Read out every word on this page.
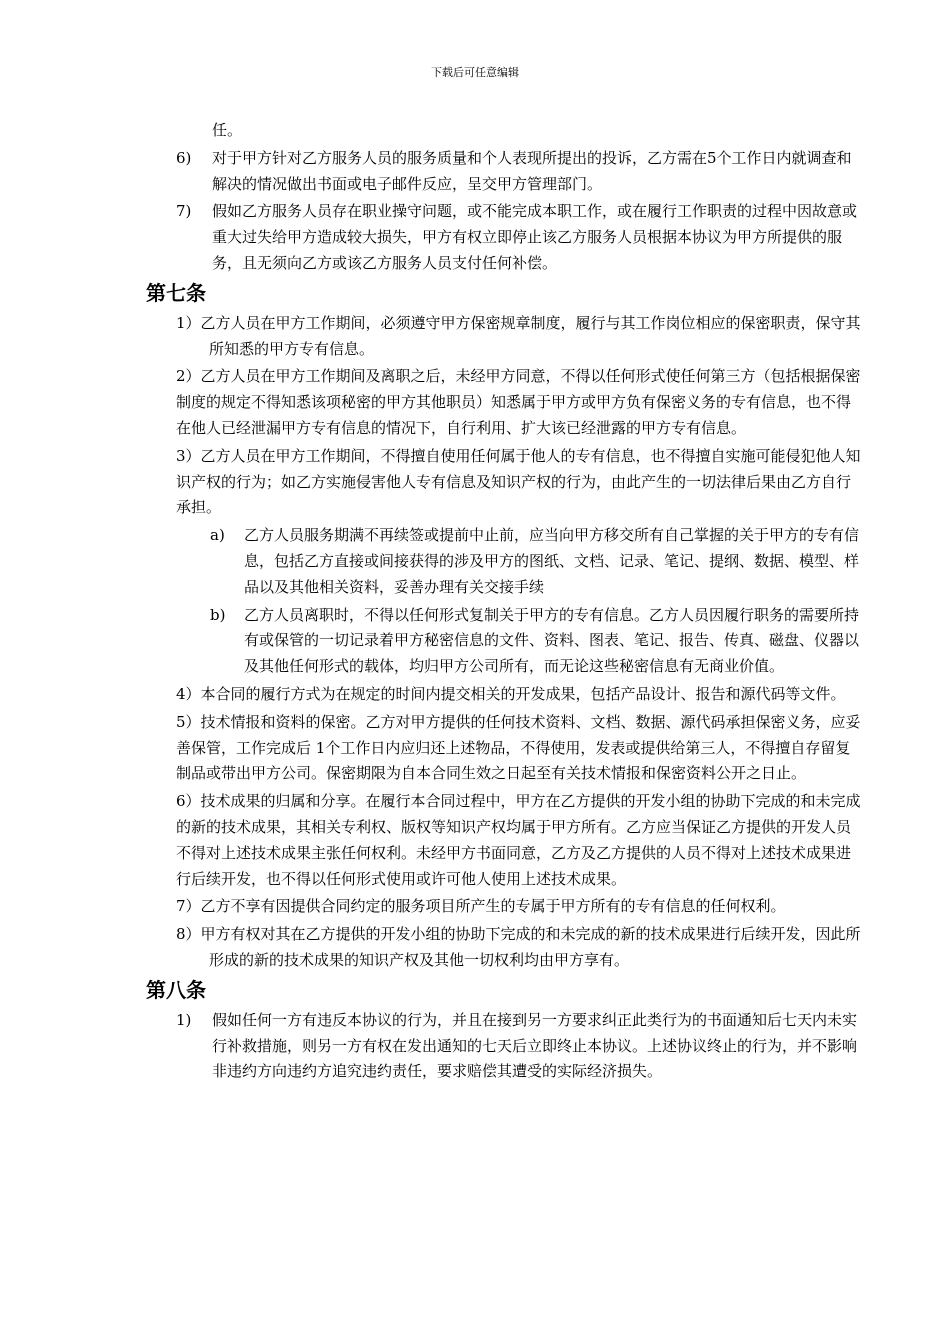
下载后可任意编辑

任。

6) 对于甲方针对乙方服务人员的服务质量和个人表现所提出的投诉，乙方需在5个工作日内就调查和解决的情况做出书面或电子邮件反应，呈交甲方管理部门。
7) 假如乙方服务人员存在职业操守问题，或不能完成本职工作，或在履行工作职责的过程中因故意或重大过失给甲方造成较大损失，甲方有权立即停止该乙方服务人员根据本协议为甲方所提供的服务，且无须向乙方或该乙方服务人员支付任何补偿。
第七条

1）乙方人员在甲方工作期间，必须遵守甲方保密规章制度，履行与其工作岗位相应的保密职责，保守其所知悉的甲方专有信息。

2）乙方人员在甲方工作期间及离职之后，未经甲方同意，不得以任何形式使任何第三方（包括根据保密制度的规定不得知悉该项秘密的甲方其他职员）知悉属于甲方或甲方负有保密义务的专有信息，也不得在他人已经泄漏甲方专有信息的情况下，自行利用、扩大该已经泄露的甲方专有信息。

3）乙方人员在甲方工作期间，不得擅自使用任何属于他人的专有信息，也不得擅自实施可能侵犯他人知识产权的行为；如乙方实施侵害他人专有信息及知识产权的行为，由此产生的一切法律后果由乙方自行承担。

a) 乙方人员服务期满不再续签或提前中止前，应当向甲方移交所有自己掌握的关于甲方的专有信息，包括乙方直接或间接获得的涉及甲方的图纸、文档、记录、笔记、提纲、数据、模型、样品以及其他相关资料，妥善办理有关交接手续
b) 乙方人员离职时，不得以任何形式复制关于甲方的专有信息。乙方人员因履行职务的需要所持有或保管的一切记录着甲方秘密信息的文件、资料、图表、笔记、报告、传真、磁盘、仪器以及其他任何形式的载体，均归甲方公司所有，而无论这些秘密信息有无商业价值。

4）本合同的履行方式为在规定的时间内提交相关的开发成果，包括产品设计、报告和源代码等文件。

5）技术情报和资料的保密。乙方对甲方提供的任何技术资料、文档、数据、源代码承担保密义务，应妥善保管，工作完成后 1个工作日内应归还上述物品，不得使用，发表或提供给第三人，不得擅自存留复制品或带出甲方公司。保密期限为自本合同生效之日起至有关技术情报和保密资料公开之日止。

6）技术成果的归属和分享。在履行本合同过程中，甲方在乙方提供的开发小组的协助下完成的和未完成的新的技术成果，其相关专利权、版权等知识产权均属于甲方所有。乙方应当保证乙方提供的开发人员不得对上述技术成果主张任何权利。未经甲方书面同意，乙方及乙方提供的人员不得对上述技术成果进行后续开发，也不得以任何形式使用或许可他人使用上述技术成果。

7）乙方不享有因提供合同约定的服务项目所产生的专属于甲方所有的专有信息的任何权利。

8）甲方有权对其在乙方提供的开发小组的协助下完成的和未完成的新的技术成果进行后续开发，因此所形成的新的技术成果的知识产权及其他一切权利均由甲方享有。

第八条
1) 假如任何一方有违反本协议的行为，并且在接到另一方要求纠正此类行为的书面通知后七天内未实行补救措施，则另一方有权在发出通知的七天后立即终止本协议。上述协议终止的行为，并不影响非违约方向违约方追究违约责任，要求赔偿其遭受的实际经济损失。
